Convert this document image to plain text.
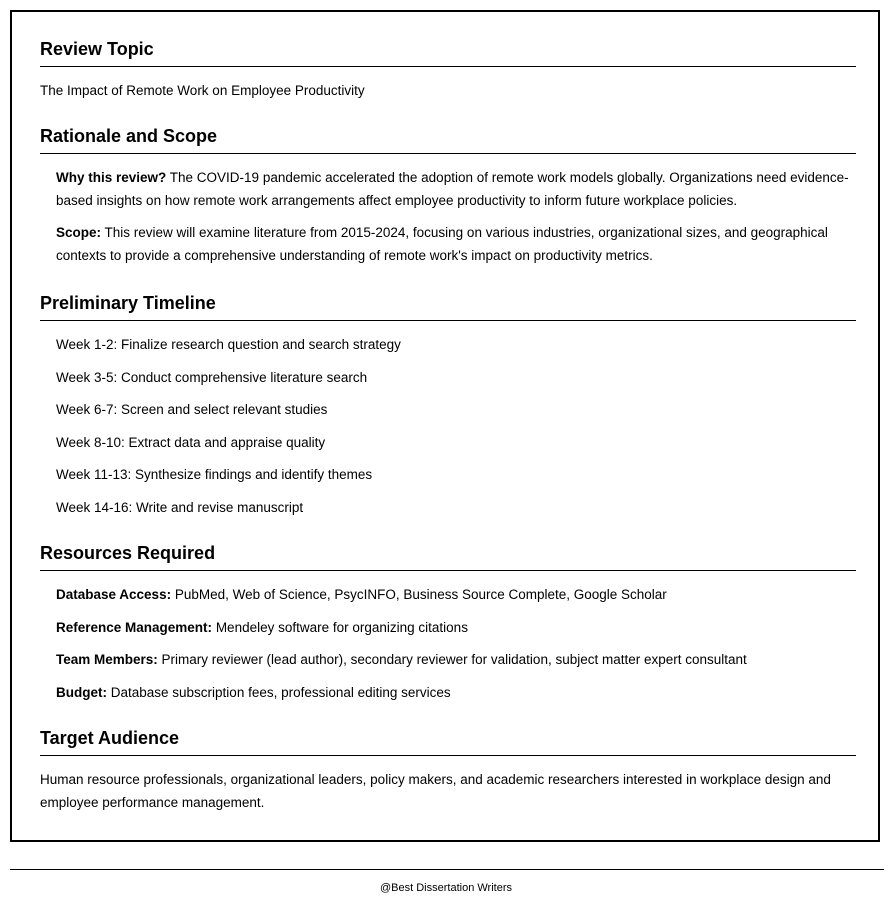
Review Topic

The Impact of Remote Work on Employee Productivity

Rationale and Scope

Why this review? The COVID-19 pandemic accelerated the adoption of remote work models globally. Organizations need evidence-based insights on how remote work arrangements affect employee productivity to inform future workplace policies.

Scope: This review will examine literature from 2015-2024, focusing on various industries, organizational sizes, and geographical contexts to provide a comprehensive understanding of remote work's impact on productivity metrics.

Preliminary Timeline
Week 1-2: Finalize research question and search strategy
Week 3-5: Conduct comprehensive literature search
Week 6-7: Screen and select relevant studies
Week 8-10: Extract data and appraise quality
Week 11-13: Synthesize findings and identify themes
Week 14-16: Write and revise manuscript
Resources Required
Database Access: PubMed, Web of Science, PsycINFO, Business Source Complete, Google Scholar
Reference Management: Mendeley software for organizing citations
Team Members: Primary reviewer (lead author), secondary reviewer for validation, subject matter expert consultant
Budget: Database subscription fees, professional editing services
Target Audience

Human resource professionals, organizational leaders, policy makers, and academic researchers interested in workplace design and employee performance management.

@Best Dissertation Writers
